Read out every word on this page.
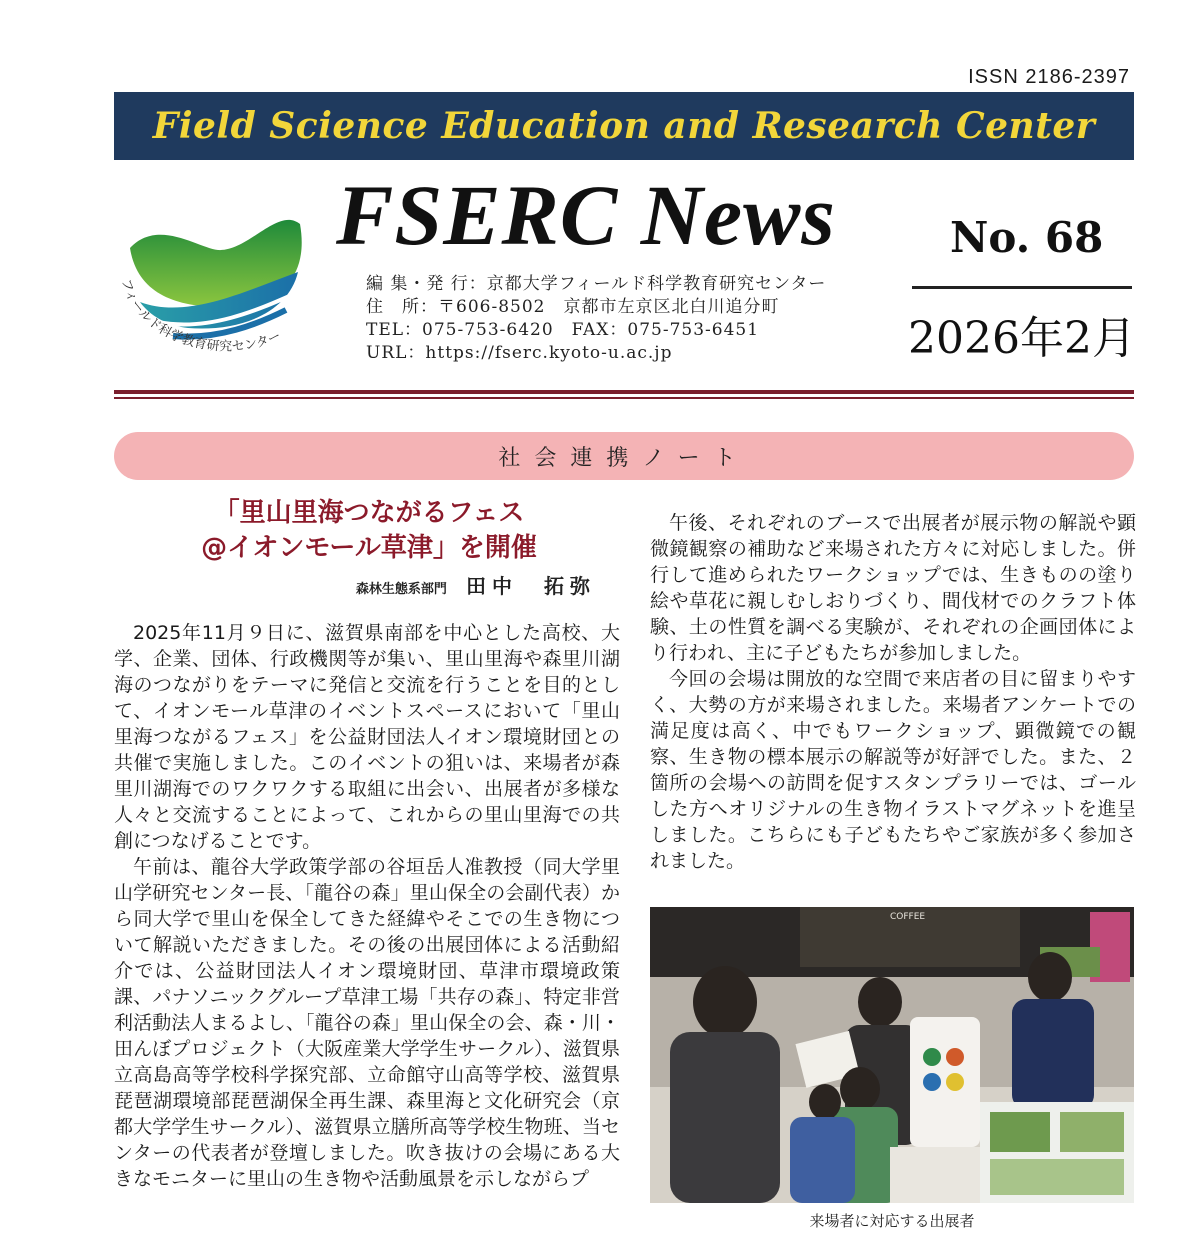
ISSN 2186-2397
Field Science Education and Research Center
フィールド科学教育研究センター
FSERC News	No. 68
2026年2月
編 集・発 行：京都大学フィールド科学教育研究センター
住　所：〒606-8502　京都市左京区北白川追分町
TEL：075-753-6420　FAX：075-753-6451
URL：https://fserc.kyoto-u.ac.jp
社会連携ノート
「里山里海つながるフェス
@イオンモール草津」を開催
森林生態系部門 田中　拓弥

2025年11月９日に、滋賀県南部を中心とした高校、大学、企業、団体、行政機関等が集い、里山里海や森里川湖海のつながりをテーマに発信と交流を行うことを目的として、イオンモール草津のイベントスペースにおいて「里山里海つながるフェス」を公益財団法人イオン環境財団との共催で実施しました。このイベントの狙いは、来場者が森里川湖海でのワクワクする取組に出会い、出展者が多様な人々と交流することによって、これからの里山里海での共創につなげることです。

午前は、龍谷大学政策学部の谷垣岳人准教授（同大学里山学研究センター長、「龍谷の森」里山保全の会副代表）から同大学で里山を保全してきた経緯やそこでの生き物について解説いただきました。その後の出展団体による活動紹介では、公益財団法人イオン環境財団、草津市環境政策課、パナソニックグループ草津工場「共存の森」、特定非営利活動法人まるよし、「龍谷の森」里山保全の会、森・川・田んぼプロジェクト（大阪産業大学学生サークル）、滋賀県立高島高等学校科学探究部、立命館守山高等学校、滋賀県琵琶湖環境部琵琶湖保全再生課、森里海と文化研究会（京都大学学生サークル）、滋賀県立膳所高等学校生物班、当センターの代表者が登壇しました。吹き抜けの会場にある大きなモニターに里山の生き物や活動風景を示しながらプ

午後、それぞれのブースで出展者が展示物の解説や顕微鏡観察の補助など来場された方々に対応しました。併行して進められたワークショップでは、生きものの塗り絵や草花に親しむしおりづくり、間伐材でのクラフト体験、土の性質を調べる実験が、それぞれの企画団体により行われ、主に子どもたちが参加しました。

今回の会場は開放的な空間で来店者の目に留まりやすく、大勢の方が来場されました。来場者アンケートでの満足度は高く、中でもワークショップ、顕微鏡での観察、生き物の標本展示の解説等が好評でした。また、２箇所の会場への訪問を促すスタンプラリーでは、ゴールした方へオリジナルの生き物イラストマグネットを進呈しました。こちらにも子どもたちやご家族が多く参加されました。

COFFEE
来場者に対応する出展者
